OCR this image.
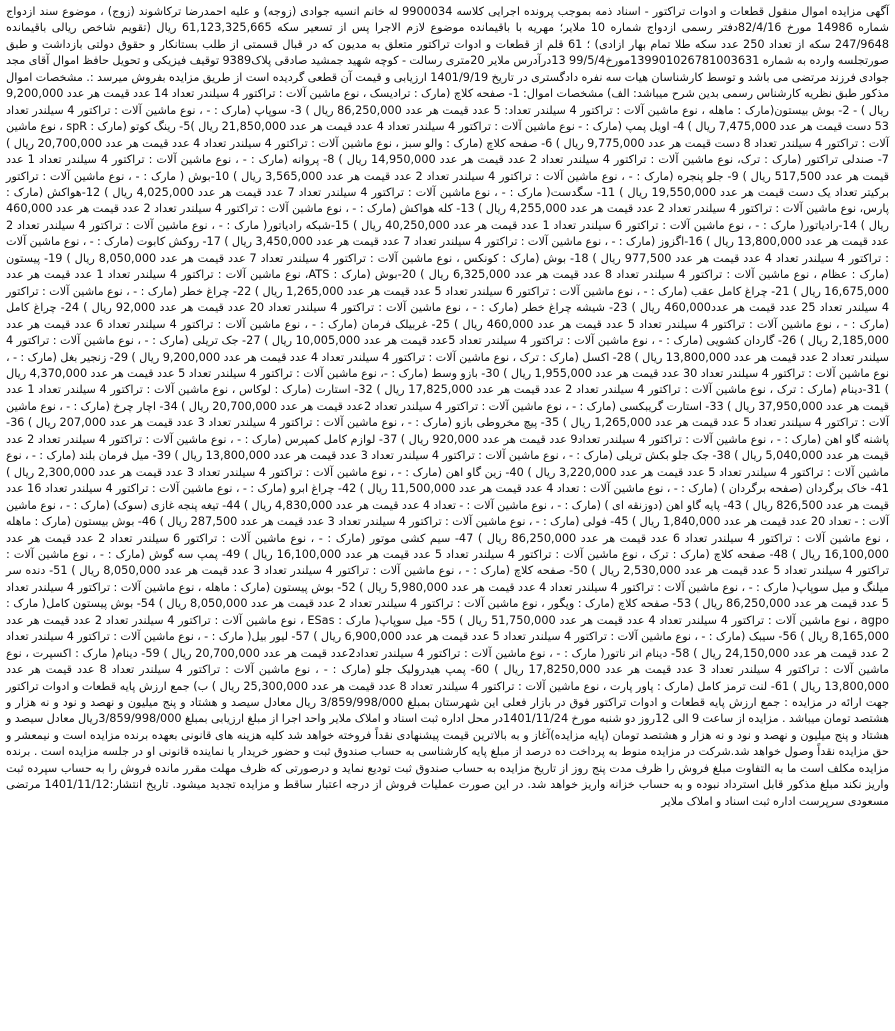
آگهی مزایده اموال منقول قطعات و ادوات تراکتور - اسناد ذمه بموجب پرونده اجرایی کلاسه 9900034 له خانم انسیه جوادی (زوجه) و علیه احمدرضا ترکاشوند (زوج) ، موضوع سند ازدواج شماره 14986 مورخ 82/4/16دفتر رسمی ازدواج شماره 10 ملایر؛ مهریه با باقیمانده موضوع لازم الاجرا پس از تسعیر سکه 61,123,325,665 ریال (تقویم شاخص ریالی باقیمانده 247/9648 سکه از تعداد 250 عدد سکه طلا تمام بهار ازادی) ؛ 61 قلم از قطعات و ادوات تراکتور متعلق به مدیون که در قبال قسمتی از طلب بستانکار و حقوق دولتی بازداشت و طبق صورتجلسه وارده به شماره 139901026781003631مورخ99/5/4 13درآدرس ملایر 20متری رسالت - کوچه شهید جمشید صادقی پلاک9389 توقیف فیزیکی و تحویل حافظ اموال آقای مجد جوادی فرزند مرتضی می باشد و توسط کارشناسان هیات سه نفره دادگستری در تاریخ 1401/9/19 ارزیابی و قیمت آن قطعی گردیده است از طریق مزایده بفروش میرسد :. مشخصات اموال مذکور طبق نظریه کارشناس رسمی بدین شرح میباشد: الف) مشخصات اموال: 1- صفحه کلاچ (مارک : ترادیسک ، نوع ماشین آلات : تراکتور 4 سیلندر تعداد 14 عدد قیمت هر عدد 9,200,000 ریال ) - 2- بوش بیستون(مارک : ماهله ، نوع ماشین آلات : تراکتور 4 سیلندر تعداد: 5 عدد قیمت هر عدد 86,250,000 ریال ) 3- سوپاپ (مارک : - ، نوع ماشین آلات : تراکتور 4 سیلندر تعداد 53 دست قیمت هر عدد 7,475,000 ریال ) 4- اویل پمپ (مارک : - نوع ماشین آلات : تراکتور 4 سیلندر تعداد 4 عدد قیمت هر عدد 21,850,000 ریال )5- رینگ کوتو (مارک : spR ، نوع ماشین آلات : تراکتور 4 سیلندر تعداد 8 دست قیمت هر عدد 9,775,000 ریال ) 6- صفحه کلاچ (مارک : والو سبز ، نوع ماشین آلات : تراکتور 4 سیلندر تعداد 4 عدد قیمت هر عدد 20,700,000 ریال ) 7- صندلی تراکتور (مارک : ترک، نوع ماشین آلات : تراکتور 4 سیلندر تعداد 2 عدد قیمت هر عدد 14,950,000 ریال ) 8- پروانه (مارک : - ، نوع ماشین آلات : تراکتور 4 سیلندر تعداد 1 عدد قیمت هر عدد 517,500 ریال ) 9- جلو پنجره (مارک : - ، نوع ماشین آلات : تراکتور 4 سیلندر تعداد 2 عدد قیمت هر عدد 3,565,000 ریال ) 10-بوش ( مارک : - ، نوع ماشین آلات : تراکتور برکیتر تعداد یک دست قیمت هر عدد 19,550,000 ریال ) 11- سگدست( مارک : - ، نوع ماشین آلات : تراکتور 4 سیلندر تعداد 7 عدد قیمت هر عدد 4,025,000 ریال ) 12-هواکش (مارک : پارس، نوع ماشین آلات : تراکتور 4 سیلندر تعداد 2 عدد قیمت هر عدد 4,255,000 ریال ) 13- کله هواکش (مارک : - ، نوع ماشین آلات : تراکتور 4 سیلندر تعداد 2 عدد قیمت هر عدد 460,000 ریال ) 14-رادیاتور( مارک : - ، نوع ماشین آلات : تراکتور 6 سیلندر تعداد 1 عدد قیمت هر عدد 40,250,000 ریال ) 15-شبکه رادیاتور( مارک : - ، نوع ماشین آلات : تراکتور 4 سیلندر تعداد 2 عدد قیمت هر عدد 13,800,000 ریال ) 16-اگزوز (مارک : - ، نوع ماشین آلات : تراکتور 4 سیلندر تعداد 7 عدد قیمت هر عدد 3,450,000 ریال ) 17- روکش کابوت (مارک : - ، نوع ماشین آلات : تراکتور 4 سیلندر تعداد 4 عدد قیمت هر عدد 977,500 ریال ) 18- بوش (مارک : کونکس ، نوع ماشین آلات : تراکتور 4 سیلندر تعداد 7 عدد قیمت هر عدد 8,050,000 ریال ) 19- پیستون (مارک : عظام ، نوع ماشین آلات : تراکتور 4 سیلندر تعداد 8 عدد قیمت هر عدد 6,325,000 ریال ) 20-بوش (مارک : ATS، نوع ماشین آلات : تراکتور 4 سیلندر تعداد 1 عدد قیمت هر عدد 16,675,000 ریال ) 21- چراغ کامل عقب (مارک : - ، نوع ماشین آلات : تراکتور 6 سیلندر تعداد 5 عدد قیمت هر عدد 1,265,000 ریال ) 22- چراغ خطر (مارک : - ، نوع ماشین آلات : تراکتور 4 سیلندر تعداد 25 عدد قیمت هر عدد460,000 ریال ) 23- شیشه چراغ خطر (مارک : - ، نوع ماشین آلات : تراکتور 4 سیلندر تعداد 20 عدد قیمت هر عدد 92,000 ریال ) 24- چراغ کامل (مارک : - ، نوع ماشین آلات : تراکتور 4 سیلندر تعداد 5 عدد قیمت هر عدد 460,000 ریال ) 25- غربیلک فرمان (مارک : - ، نوع ماشین آلات : تراکتور 4 سیلندر تعداد 6 عدد قیمت هر عدد 2,185,000 ریال ) 26- گاردان کشویی (مارک : - ، نوع ماشین آلات : تراکتور 4 سیلندر تعداد 5عدد قیمت هر عدد 10,005,000 ریال ) 27- جک تریلی (مارک : - ، نوع ماشین آلات : تراکتور 4 سیلندر تعداد 2 عدد قیمت هر عدد 13,800,000 ریال ) 28- اکسل (مارک : ترک ، نوع ماشین آلات : تراکتور 4 سیلندر تعداد 4 عدد قیمت هر عدد 9,200,000 ریال ) 29- زنجیر بغل (مارک : - ، نوع ماشین آلات : تراکتور 4 سیلندر تعداد 30 عدد قیمت هر عدد 1,955,000 ریال ) 30- بازو وسط (مارک : -، نوع ماشین آلات : تراکتور 4 سیلندر تعداد 5 عدد قیمت هر عدد 4,370,000 ریال ) 31-دینام (مارک : ترک ، نوع ماشین آلات : تراکتور 4 سیلندر تعداد 2 عدد قیمت هر عدد 17,825,000 ریال ) 32- استارت (مارک : لوکاس ، نوع ماشین آلات : تراکتور 4 سیلندر تعداد 1 عدد قیمت هر عدد 37,950,000 ریال ) 33- استارت گریبکسی (مارک : - ، نوع ماشین آلات : تراکتور 4 سیلندر تعداد 2عدد قیمت هر عدد 20,700,000 ریال ) 34- اچار چرخ (مارک : - ، نوع ماشین آلات : تراکتور 4 سیلندر تعداد 5 عدد قیمت هر عدد 1,265,000 ریال ) 35- پیچ مخروطی بازو (مارک : - ، نوع ماشین آلات : تراکتور 4 سیلندر تعداد 3 عدد قیمت هر عدد 207,000 ریال ) 36- پاشنه گاو اهن (مارک : - ، نوع ماشین آلات : تراکتور 4 سیلندر تعداد9 عدد قیمت هر عدد 920,000 ریال ) 37- لوازم کامل کمپرس (مارک : - ، نوع ماشین آلات : تراکتور 4 سیلندر تعداد 2 عدد قیمت هر عدد 5,040,000 ریال ) 38- جک جلو بکش تریلی (مارک : - ، نوع ماشین آلات : تراکتور 4 سیلندر تعداد 3 عدد قیمت هر عدد 13,800,000 ریال ) 39- میل فرمان بلند (مارک : - ، نوع ماشین آلات : تراکتور 4 سیلندر تعداد 5 عدد قیمت هر عدد 3,220,000 ریال ) 40- زین گاو اهن (مارک : - ، نوع ماشین آلات : تراکتور 4 سیلندر تعداد 3 عدد قیمت هر عدد 2,300,000 ریال ) 41- خاک برگردان (صفحه برگردان ) (مارک : - ، نوع ماشین آلات : تعداد 4 عدد قیمت هر عدد 11,500,000 ریال ) 42- چراغ ابرو (مارک : - ، نوع ماشین آلات : تراکتور 4 سیلندر تعداد 16 عدد قیمت هر عدد 826,500 ریال ) 43- پایه گاو اهن (دوزنقه ای ) (مارک : - ، نوع ماشین آلات : - تعداد 4 عدد قیمت هر عدد 4,830,000 ریال ) 44- تیغه پنجه غازی (سوک) (مارک : - ، نوع ماشین آلات : - تعداد 20 عدد قیمت هر عدد 1,840,000 ریال ) 45- فولی (مارک : - ، نوع ماشین آلات : تراکتور 4 سیلندر تعداد 3 عدد قیمت هر عدد 287,500 ریال ) 46- بوش بیستون (مارک : ماهله ، نوع ماشین آلات : تراکتور 4 سیلندر تعداد 6 عدد قیمت هر عدد 86,250,000 ریال ) 47- سیم کشی موتور (مارک : - ، نوع ماشین آلات : تراکتور 6 سیلندر تعداد 2 عدد قیمت هر عدد 16,100,000 ریال ) 48- صفحه کلاچ (مارک : ترک ، نوع ماشین آلات : تراکتور 4 سیلندر تعداد 5 عدد قیمت هر عدد 16,100,000 ریال ) 49- پمپ سه گوش (مارک : - ، نوع ماشین آلات : تراکتور 4 سیلندر تعداد 5 عدد قیمت هر عدد 2,530,000 ریال ) 50- صفحه کلاچ (مارک : - ، نوع ماشین آلات : تراکتور 4 سیلندر تعداد 3 عدد قیمت هر عدد 8,050,000 ریال ) 51- دنده سر میلنگ و میل سوپاپ( مارک : - ، نوع ماشین آلات : تراکتور 4 سیلندر تعداد 4 عدد قیمت هر عدد 5,980,000 ریال ) 52- بوش پیستون (مارک : ماهله ، نوع ماشین آلات : تراکتور 4 سیلندر تعداد 5 عدد قیمت هر عدد 86,250,000 ریال ) 53- صفحه کلاچ (مارک : ویگور ، نوع ماشین آلات : تراکتور 4 سیلندر تعداد 2 عدد قیمت هر عدد 8,050,000 ریال ) 54- بوش پیستون کامل( مارک : agpo ، نوع ماشین آلات : تراکتور 4 سیلندر تعداد 4 عدد قیمت هر عدد 51,750,000 ریال ) 55- میل سوپاپ( مارک : ESas ، نوع ماشین آلات : تراکتور 4 سیلندر تعداد 2 عدد قیمت هر عدد 8,165,000 ریال ) 56- سیبک (مارک : - ، نوع ماشین آلات : تراکتور 4 سیلندر تعداد 5 عدد قیمت هر عدد 6,900,000 ریال ) 57- لیور بیل( مارک : - ، نوع ماشین آلات : تراکتور 4 سیلندر تعداد 2 عدد قیمت هر عدد 24,150,000 ریال ) 58- دینام انر ناتور( مارک : - ، نوع ماشین آلات : تراکتور 4 سیلندر تعداد2عدد قیمت هر عدد 20,700,000 ریال ) 59- دینام( مارک : اکسپرت ، نوع ماشین آلات : تراکتور 4 سیلندر تعداد 3 عدد قیمت هر عدد 17,8250,000 ریال ) 60- پمپ هیدرولیک جلو (مارک : - ، نوع ماشین آلات : تراکتور 4 سیلندر تعداد 8 عدد قیمت هر عدد 13,800,000 ریال ) 61- لنت ترمز کامل (مارک : پاور پارت ، نوع ماشین آلات : تراکتور 4 سیلندر تعداد 8 عدد قیمت هر عدد 25,300,000 ریال ) ب) جمع ارزش پایه قطعات و ادوات تراکتور جهت ارائه در مزایده : جمع ارزش پایه قطعات و ادوات تراکتور فوق در بازار فعلی این شهرستان بمبلغ 3/859/998/000 ریال معادل سیصد و هشتاد و پنج میلیون و نهصد و نود و نه هزار و هشتصد تومان میباشد . مزایده از ساعت 9 الی 12روز دو شنبه مورخ 1401/11/24در محل اداره ثبت اسناد و املاک ملایر واحد اجرا از مبلغ ارزیابی بمبلغ 3/859/998/000ریال معادل سیصد و هشتاد و پنج میلیون و نهصد و نود و نه هزار و هشتصد تومان (پایه مزایده)آغاز و به بالاترین قیمت پیشنهادی نقداً فروخته خواهد شد کلیه هزینه های قانونی بعهده برنده مزایده است و نیمعشر و حق مزایده نقداً وصول خواهد شد.شرکت در مزایده منوط به پرداخت ده درصد از مبلغ پایه کارشناسی به حساب صندوق ثبت و حضور خریدار یا نماینده قانونی او در جلسه مزایده است . برنده مزایده مکلف است ما به التفاوت مبلغ فروش را ظرف مدت پنج روز از تاریخ مزایده به حساب صندوق ثبت تودیع نماید و درصورتی که ظرف مهلت مقرر مانده فروش را به حساب سپرده ثبت واریز نکند مبلغ مذکور قابل استرداد نبوده و به حساب خزانه واریز خواهد شد. در این صورت عملیات فروش از درجه اعتبار ساقط و مزایده تجدید میشود. تاریخ انتشار:1401/11/12 مرتضی مسعودی سرپرست اداره ثبت اسناد و املاک ملایر
